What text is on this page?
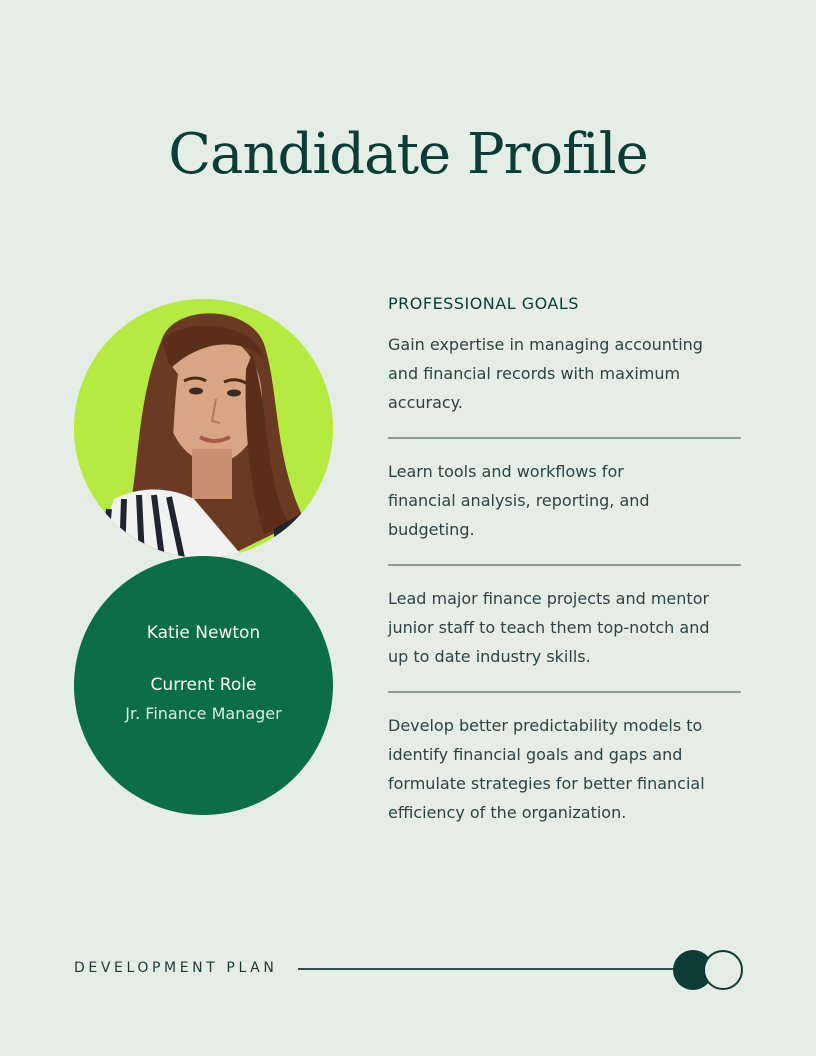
Candidate Profile
Katie Newton
Current Role
Jr. Finance Manager
PROFESSIONAL GOALS

Gain expertise in managing accounting and financial records with maximum accuracy.

Learn tools and workflows for financial analysis, reporting, and budgeting.

Lead major finance projects and mentor junior staff to teach them top-notch and up to date industry skills.

Develop better predictability models to identify financial goals and gaps and formulate strategies for better financial efficiency of the organization.

DEVELOPMENT PLAN
